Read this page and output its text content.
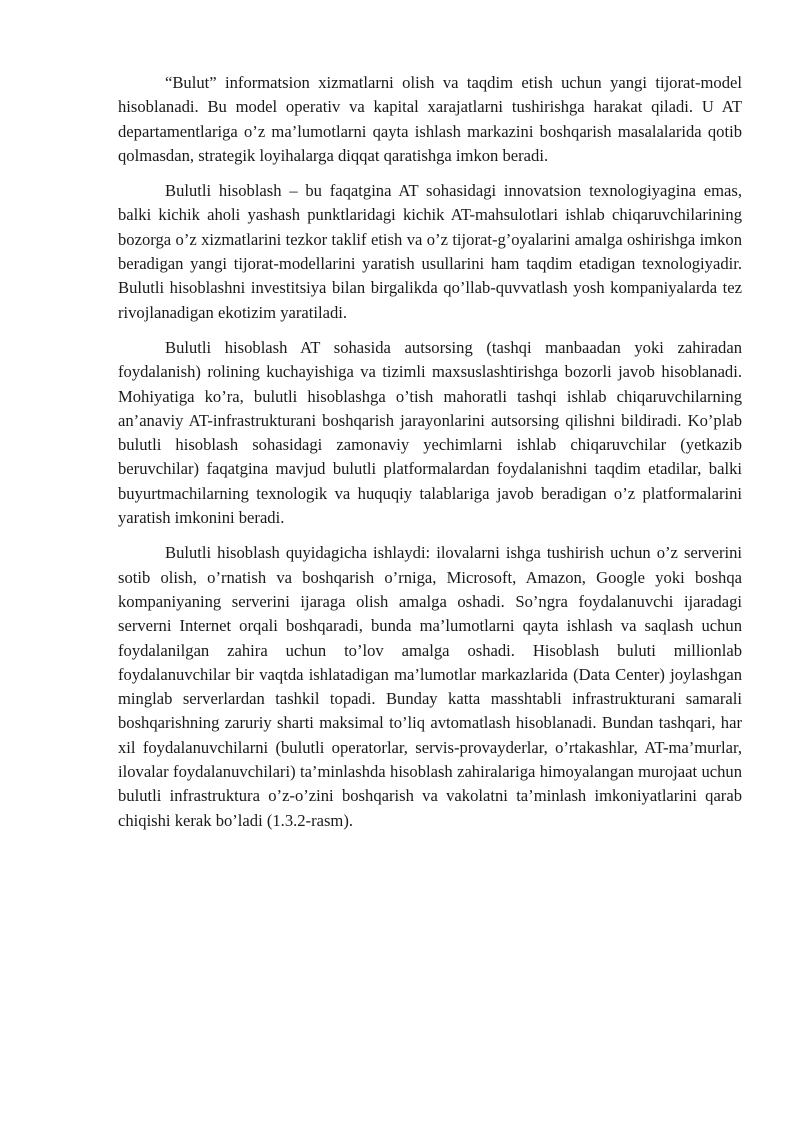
“Bulut” informatsion xizmatlarni olish va taqdim etish uchun yangi tijorat-model hisoblanadi. Bu model operativ va kapital xarajatlarni tushirishga harakat qiladi. U AT departamentlariga o’z ma’lumotlarni qayta ishlash markazini boshqarish masalalarida qotib qolmasdan, strategik loyihalarga diqqat qaratishga imkon beradi.

Bulutli hisoblash – bu faqatgina AT sohasidagi innovatsion texnologiyagina emas, balki kichik aholi yashash punktlaridagi kichik AT-mahsulotlari ishlab chiqaruvchilarining bozorga o’z xizmatlarini tezkor taklif etish va o’z tijorat-g’oyalarini amalga oshirishga imkon beradigan yangi tijorat-modellarini yaratish usullarini ham taqdim etadigan texnologiyadir. Bulutli hisoblashni investitsiya bilan birgalikda qo’llab-quvvatlash yosh kompaniyalarda tez rivojlanadigan ekotizim yaratiladi.

Bulutli hisoblash AT sohasida autsorsing (tashqi manbaadan yoki zahiradan foydalanish) rolining kuchayishiga va tizimli maxsuslashtirishga bozorli javob hisoblanadi. Mohiyatiga ko’ra, bulutli hisoblashga o’tish mahoratli tashqi ishlab chiqaruvchilarning an’anaviy AT-infrastrukturani boshqarish jarayonlarini autsorsing qilishni bildiradi. Ko’plab bulutli hisoblash sohasidagi zamonaviy yechimlarni ishlab chiqaruvchilar (yetkazib beruvchilar) faqatgina mavjud bulutli platformalardan foydalanishni taqdim etadilar, balki buyurtmachilarning texnologik va huquqiy talablariga javob beradigan o’z platformalarini yaratish imkonini beradi.

Bulutli hisoblash quyidagicha ishlaydi: ilovalarni ishga tushirish uchun o’z serverini sotib olish, o’rnatish va boshqarish o’rniga, Microsoft, Amazon, Google yoki boshqa kompaniyaning serverini ijaraga olish amalga oshadi. So’ngra foydalanuvchi ijaradagi serverni Internet orqali boshqaradi, bunda ma’lumotlarni qayta ishlash va saqlash uchun foydalanilgan zahira uchun to’lov amalga oshadi. Hisoblash buluti millionlab foydalanuvchilar bir vaqtda ishlatadigan ma’lumotlar markazlarida (Data Center) joylashgan minglab serverlardan tashkil topadi. Bunday katta masshtabli infrastrukturani samarali boshqarishning zaruriy sharti maksimal to’liq avtomatlash hisoblanadi. Bundan tashqari, har xil foydalanuvchilarni (bulutli operatorlar, servis-provayderlar, o’rtakashlar, AT-ma’murlar, ilovalar foydalanuvchilari) ta’minlashda hisoblash zahiralariga himoyalangan murojaat uchun bulutli infrastruktura o’z-o’zini boshqarish va vakolatni ta’minlash imkoniyatlarini qarab chiqishi kerak bo’ladi (1.3.2-rasm).
